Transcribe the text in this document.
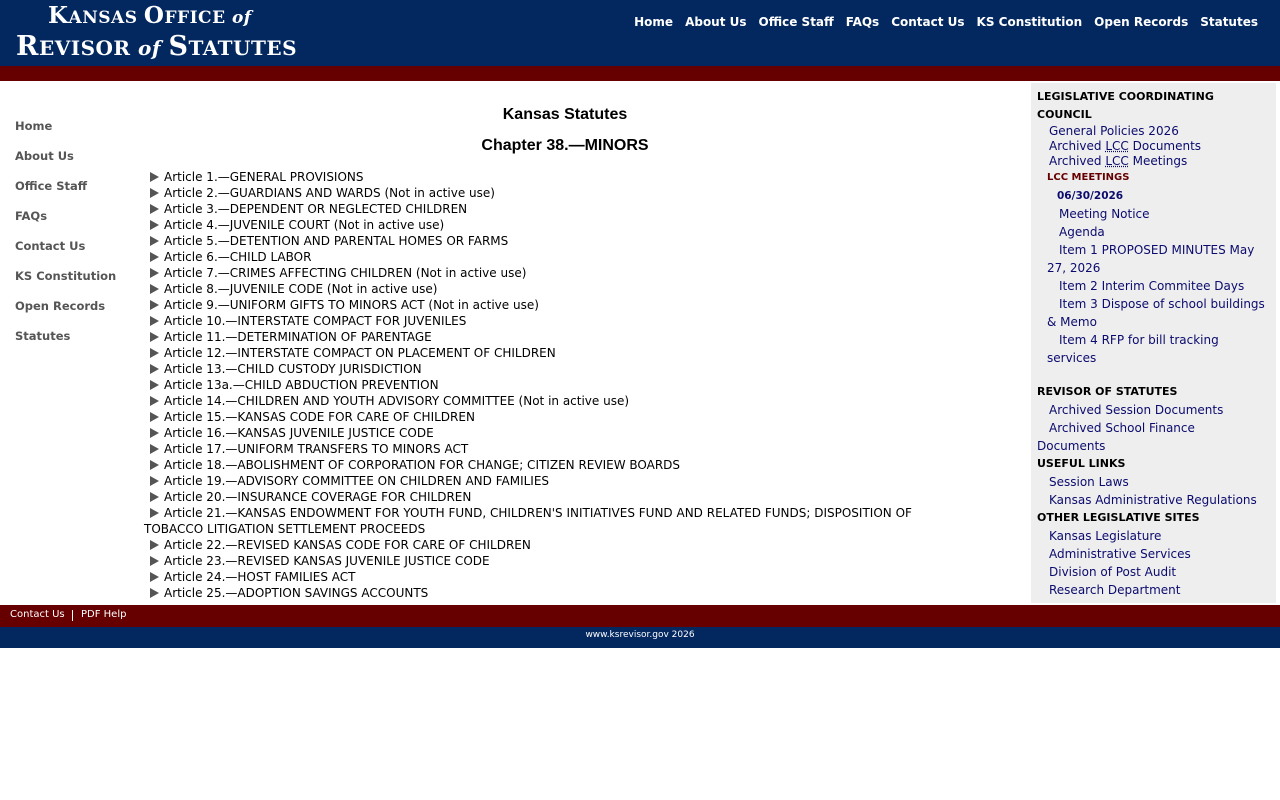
KANSAS OFFICE of
REVISOR of STATUTES
Home About Us Office Staff FAQs Contact Us KS Constitution Open Records Statutes
Home
About Us
Office Staff
FAQs
Contact Us
KS Constitution
Open Records
Statutes
Kansas Statutes
Chapter 38.—MINORS
Article 1.—GENERAL PROVISIONS
Article 2.—GUARDIANS AND WARDS (Not in active use)
Article 3.—DEPENDENT OR NEGLECTED CHILDREN
Article 4.—JUVENILE COURT (Not in active use)
Article 5.—DETENTION AND PARENTAL HOMES OR FARMS
Article 6.—CHILD LABOR
Article 7.—CRIMES AFFECTING CHILDREN (Not in active use)
Article 8.—JUVENILE CODE (Not in active use)
Article 9.—UNIFORM GIFTS TO MINORS ACT (Not in active use)
Article 10.—INTERSTATE COMPACT FOR JUVENILES
Article 11.—DETERMINATION OF PARENTAGE
Article 12.—INTERSTATE COMPACT ON PLACEMENT OF CHILDREN
Article 13.—CHILD CUSTODY JURISDICTION
Article 13a.—CHILD ABDUCTION PREVENTION
Article 14.—CHILDREN AND YOUTH ADVISORY COMMITTEE (Not in active use)
Article 15.—KANSAS CODE FOR CARE OF CHILDREN
Article 16.—KANSAS JUVENILE JUSTICE CODE
Article 17.—UNIFORM TRANSFERS TO MINORS ACT
Article 18.—ABOLISHMENT OF CORPORATION FOR CHANGE; CITIZEN REVIEW BOARDS
Article 19.—ADVISORY COMMITTEE ON CHILDREN AND FAMILIES
Article 20.—INSURANCE COVERAGE FOR CHILDREN
Article 21.—KANSAS ENDOWMENT FOR YOUTH FUND, CHILDREN'S INITIATIVES FUND AND RELATED FUNDS; DISPOSITION OF TOBACCO LITIGATION SETTLEMENT PROCEEDS
Article 22.—REVISED KANSAS CODE FOR CARE OF CHILDREN
Article 23.—REVISED KANSAS JUVENILE JUSTICE CODE
Article 24.—HOST FAMILIES ACT
Article 25.—ADOPTION SAVINGS ACCOUNTS
LEGISLATIVE COORDINATING COUNCIL
General Policies 2026
Archived LCC Documents
Archived LCC Meetings
LCC MEETINGS
06/30/2026
Meeting Notice
Agenda
Item 1 PROPOSED MINUTES May 27, 2026
Item 2 Interim Commitee Days
Item 3 Dispose of school buildings & Memo
Item 4 RFP for bill tracking services
REVISOR OF STATUTES
Archived Session Documents
Archived School Finance Documents
USEFUL LINKS
Session Laws
Kansas Administrative Regulations
OTHER LEGISLATIVE SITES
Kansas Legislature
Administrative Services
Division of Post Audit
Research Department
Contact Us PDF Help
www.ksrevisor.gov 2026
